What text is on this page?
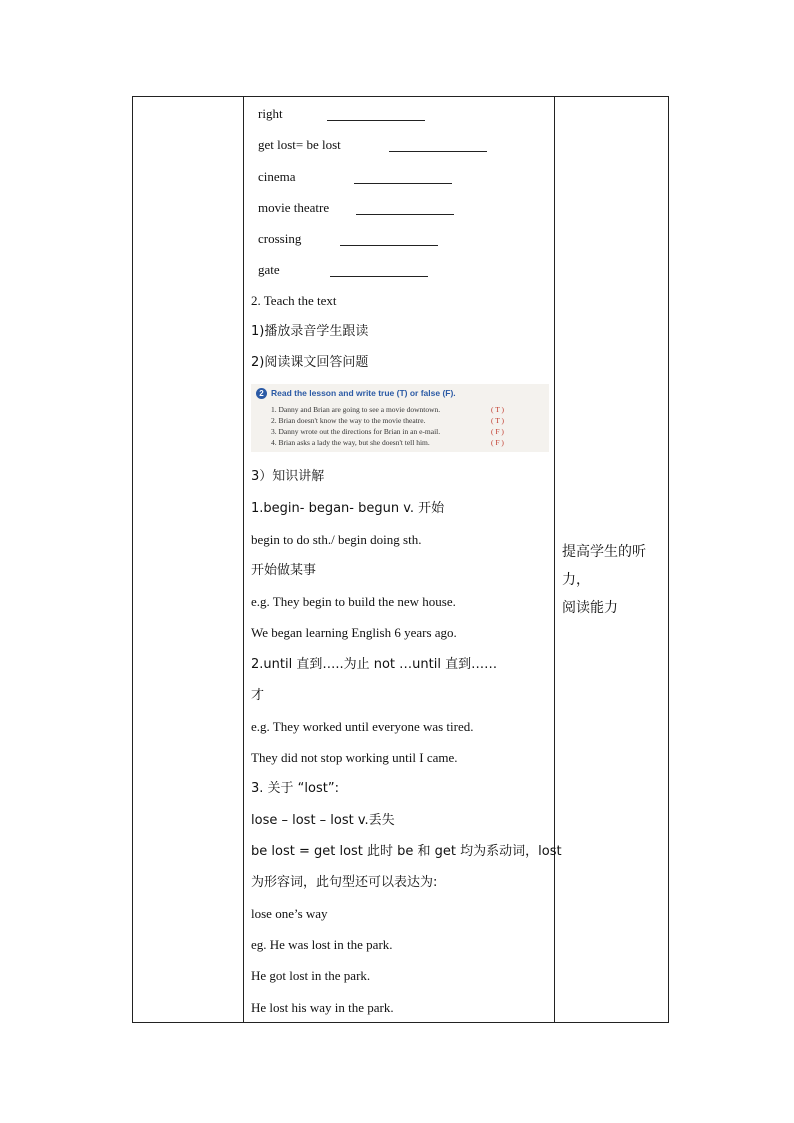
right
get lost= be lost
cinema
movie theatre
crossing
gate
2. Teach the text
1)播放录音学生跟读
2)阅读课文回答问题
2 Read the lesson and write true (T) or false (F).
1. Danny and Brian are going to see a movie downtown.	( T )
2. Brian doesn't know the way to the movie theatre.	( T )
3. Danny wrote out the directions for Brian in an e-mail.	( F )
4. Brian asks a lady the way, but she doesn't tell him.	( F )
3）知识讲解
1.begin- began- begun v. 开始
begin to do sth./ begin doing sth.
开始做某事
e.g. They begin to build the new house.
We began learning English 6 years ago.
2.until 直到…..为止 not …until 直到……
才
e.g. They worked until everyone was tired.
They did not stop working until I came.
3. 关于 “lost”:
lose – lost – lost v.丢失
be lost = get lost 此时 be 和 get 均为系动词，lost
为形容词，此句型还可以表达为:
lose one’s way
eg. He was lost in the park.
He got lost in the park.
He lost his way in the park.
提高学生的听力，
阅读能力
